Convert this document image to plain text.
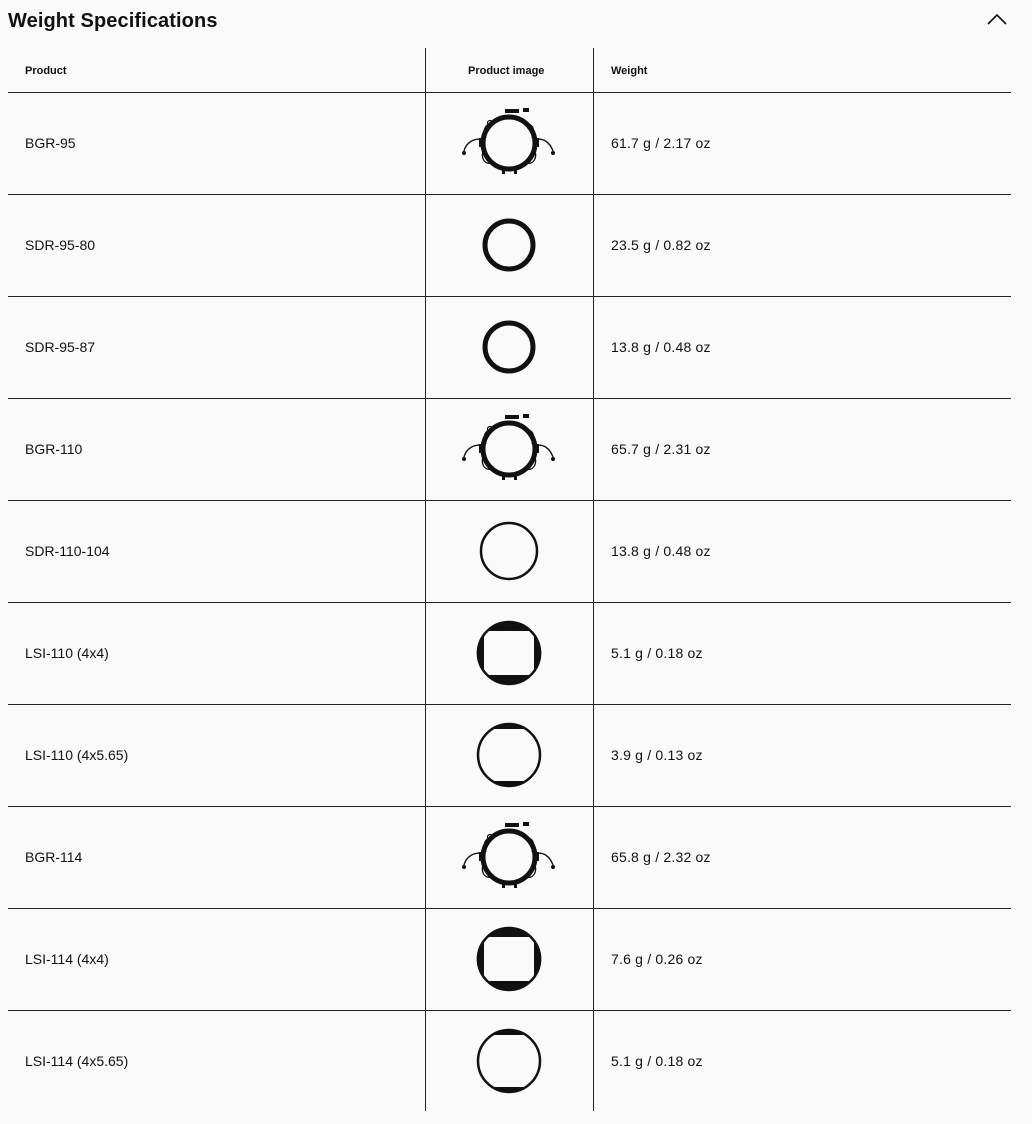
Weight Specifications
Product	Product image	Weight
BGR-95	61.7 g / 2.17 oz
SDR-95-80	23.5 g / 0.82 oz
SDR-95-87	13.8 g / 0.48 oz
BGR-110	65.7 g / 2.31 oz
SDR-110-104	13.8 g / 0.48 oz
LSI-110 (4x4)	5.1 g / 0.18 oz
LSI-110 (4x5.65)	3.9 g / 0.13 oz
BGR-114	65.8 g / 2.32 oz
LSI-114 (4x4)	7.6 g / 0.26 oz
LSI-114 (4x5.65)	5.1 g / 0.18 oz
